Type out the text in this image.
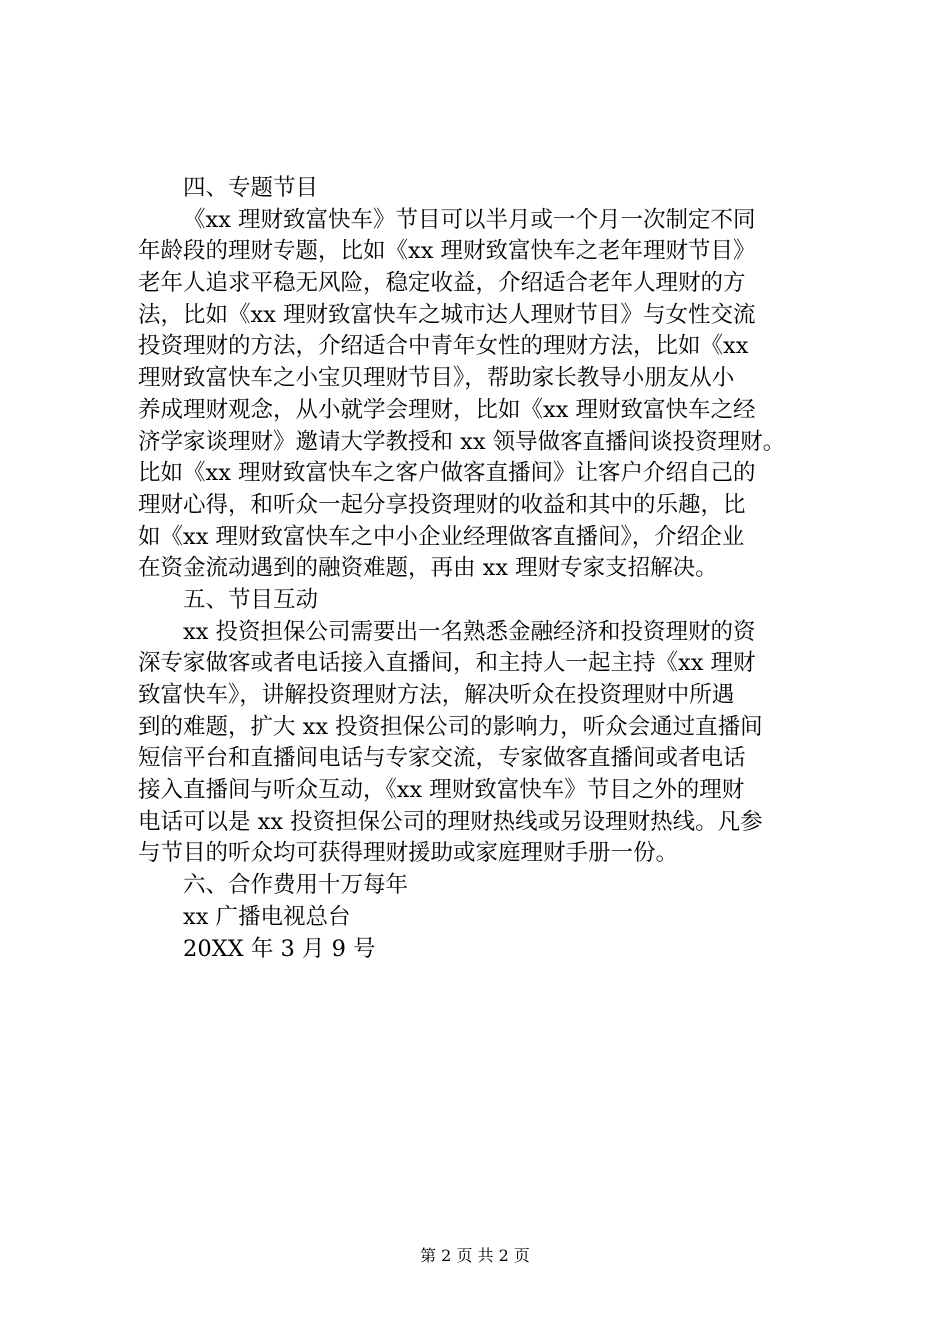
四、专题节目
《xx 理财致富快车》节目可以半月或一个月一次制定不同
年龄段的理财专题，比如《xx 理财致富快车之老年理财节目》
老年人追求平稳无风险，稳定收益，介绍适合老年人理财的方
法，比如《xx 理财致富快车之城市达人理财节目》与女性交流
投资理财的方法，介绍适合中青年女性的理财方法，比如《xx
理财致富快车之小宝贝理财节目》，帮助家长教导小朋友从小
养成理财观念，从小就学会理财，比如《xx 理财致富快车之经
济学家谈理财》邀请大学教授和 xx 领导做客直播间谈投资理财。
比如《xx 理财致富快车之客户做客直播间》让客户介绍自己的
理财心得，和听众一起分享投资理财的收益和其中的乐趣，比
如《xx 理财致富快车之中小企业经理做客直播间》，介绍企业
在资金流动遇到的融资难题，再由 xx 理财专家支招解决。
五、节目互动
xx 投资担保公司需要出一名熟悉金融经济和投资理财的资
深专家做客或者电话接入直播间，和主持人一起主持《xx 理财
致富快车》，讲解投资理财方法，解决听众在投资理财中所遇
到的难题，扩大 xx 投资担保公司的影响力，听众会通过直播间
短信平台和直播间电话与专家交流，专家做客直播间或者电话
接入直播间与听众互动，《xx 理财致富快车》节目之外的理财
电话可以是 xx 投资担保公司的理财热线或另设理财热线。凡参
与节目的听众均可获得理财援助或家庭理财手册一份。
六、合作费用十万每年
xx 广播电视总台
20XX 年 3 月 9 号
第 2 页 共 2 页
